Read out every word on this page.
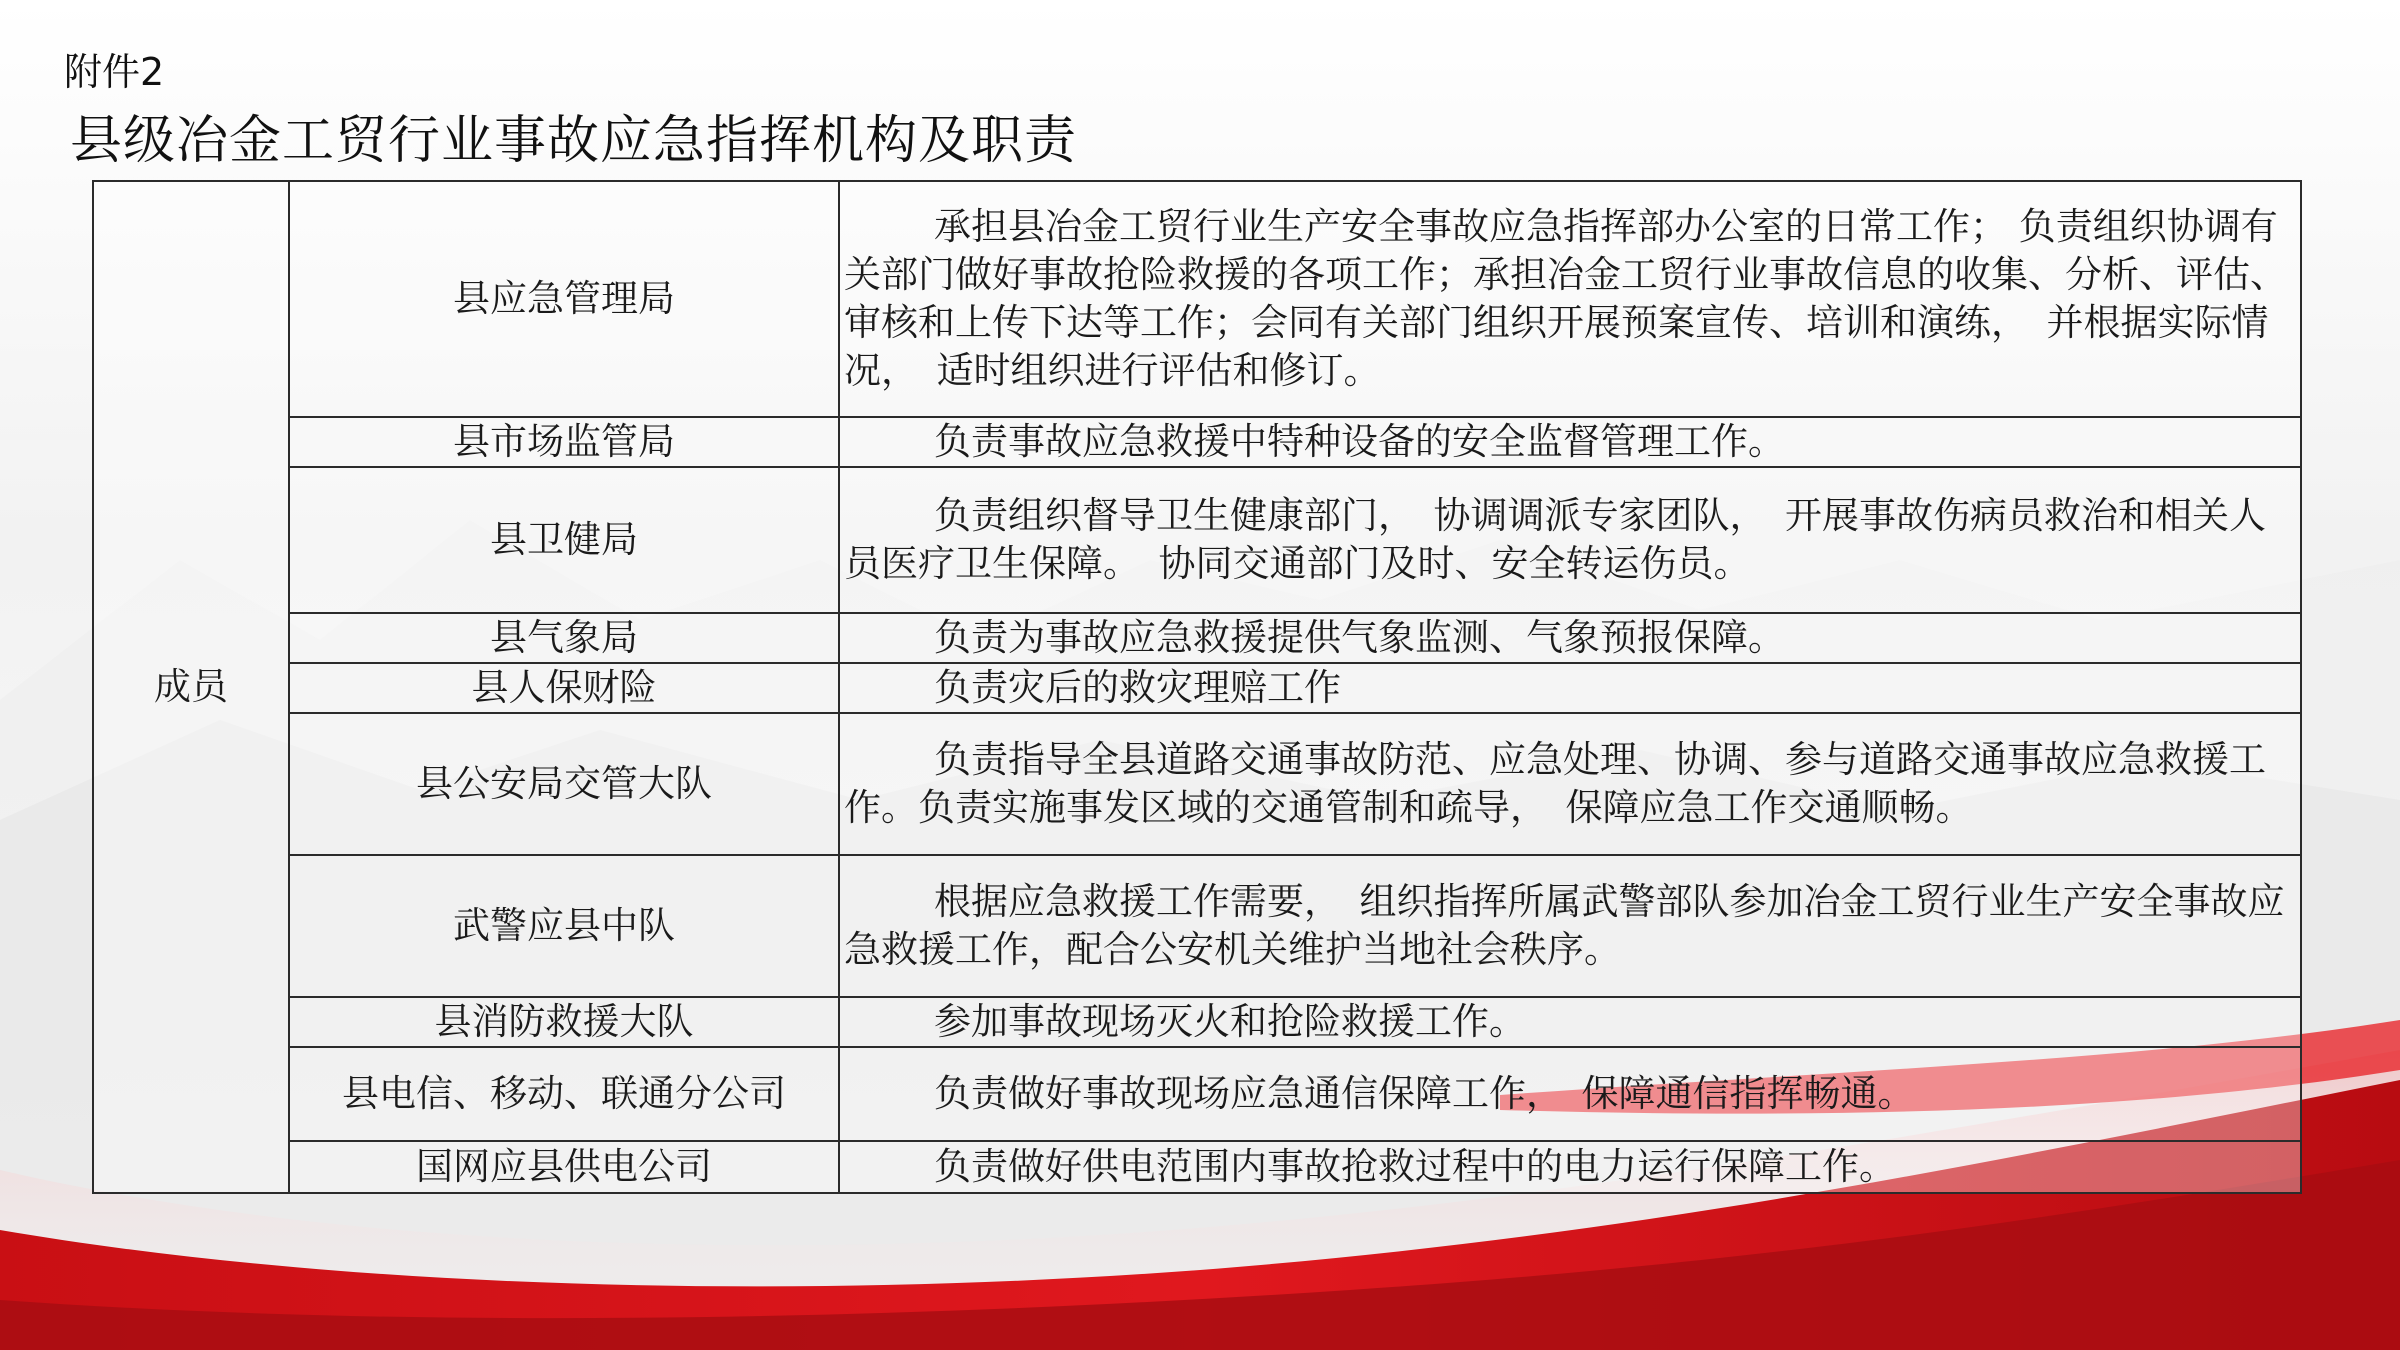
附件2
县级冶金工贸行业事故应急指挥机构及职责
成员	县应急管理局	承担县冶金工贸行业生产安全事故应急指挥部办公室的日常工作； 负责组织协调有关部门做好事故抢险救援的各项工作；承担冶金工贸行业事故信息的收集、分析、评估、审核和上传下达等工作；会同有关部门组织开展预案宣传、培训和演练，　并根据实际情况，　适时组织进行评估和修订。
	县市场监管局	负责事故应急救援中特种设备的安全监督管理工作。
	县卫健局	负责组织督导卫生健康部门，　协调调派专家团队，　开展事故伤病员救治和相关人员医疗卫生保障。　协同交通部门及时、安全转运伤员。
	县气象局	负责为事故应急救援提供气象监测、气象预报保障。
	县人保财险	负责灾后的救灾理赔工作
	县公安局交管大队	负责指导全县道路交通事故防范、应急处理、协调、参与道路交通事故应急救援工作。负责实施事发区域的交通管制和疏导，　保障应急工作交通顺畅。
	武警应县中队	根据应急救援工作需要，　组织指挥所属武警部队参加冶金工贸行业生产安全事故应急救援工作，配合公安机关维护当地社会秩序。
	县消防救援大队	参加事故现场灭火和抢险救援工作。
	县电信、移动、联通分公司	负责做好事故现场应急通信保障工作，　保障通信指挥畅通。
	国网应县供电公司	负责做好供电范围内事故抢救过程中的电力运行保障工作。
